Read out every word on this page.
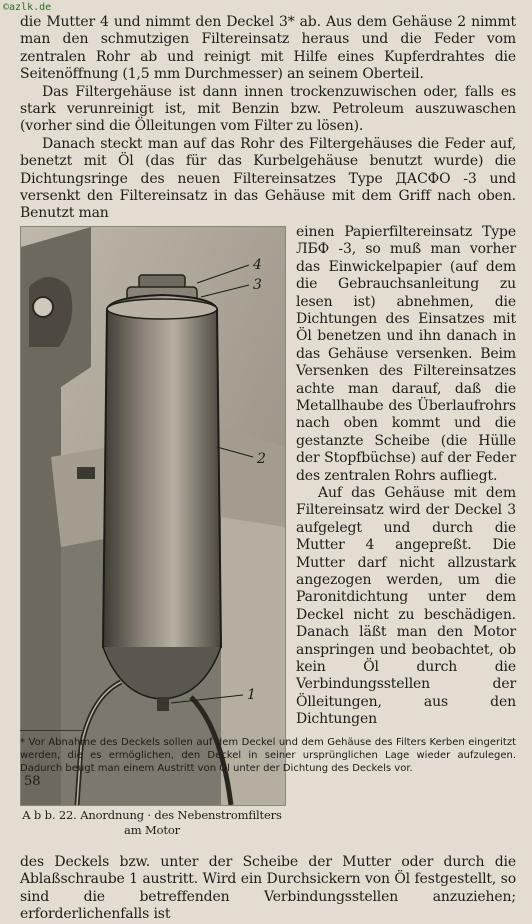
©azlk.de

die Mutter 4 und nimmt den Deckel 3* ab. Aus dem Gehäuse 2 nimmt man den schmutzigen Filtereinsatz heraus und die Feder vom zentralen Rohr ab und reinigt mit Hilfe eines Kupferdrahtes die Seitenöffnung (1,5 mm Durchmesser) an seinem Oberteil.

Das Filtergehäuse ist dann innen trockenzuwischen oder, falls es stark verunreinigt ist, mit Benzin bzw. Petroleum auszuwaschen (vorher sind die Ölleitungen vom Filter zu lösen).

Danach steckt man auf das Rohr des Filtergehäuses die Feder auf, benetzt mit Öl (das für das Kurbelgehäuse benutzt wurde) die Dichtungsringe des neuen Filtereinsatzes Type ДАСФО -3 und versenkt den Filtereinsatz in das Gehäuse mit dem Griff nach oben. Benutzt man

4
3
2
1
A b b. 22. Anordnung · des Nebenstromfilters am Motor

einen Papierfiltereinsatz Type ЛБФ -3, so muß man vorher das Einwickelpapier (auf dem die Gebrauchsanleitung zu lesen ist) abnehmen, die Dichtungen des Einsatzes mit Öl benetzen und ihn danach in das Gehäuse versenken. Beim Versenken des Filtereinsatzes achte man darauf, daß die Metallhaube des Überlaufrohrs nach oben kommt und die gestanzte Scheibe (die Hülle der Stopfbüchse) auf der Feder des zentralen Rohrs aufliegt.

Auf das Gehäuse mit dem Filtereinsatz wird der Deckel 3 aufgelegt und durch die Mutter 4 angepreßt. Die Mutter darf nicht allzustark angezogen werden, um die Paronitdichtung unter dem Deckel nicht zu beschädigen. Danach läßt man den Motor anspringen und beobachtet, ob kein Öl durch die Verbindungsstellen der Ölleitungen, aus den Dichtungen

des Deckels bzw. unter der Scheibe der Mutter oder durch die Ablaßschraube 1 austritt. Wird ein Durchsickern von Öl festgestellt, so sind die betreffenden Verbindungsstellen anzuziehen; erforderlichenfalls ist

* Vor Abnahme des Deckels sollen auf dem Deckel und dem Gehäuse des Filters Kerben eingeritzt werden, die es ermöglichen, den Deckel in seiner ursprünglichen Lage wieder aufzulegen. Dadurch beugt man einem Austritt von Öl unter der Dichtung des Deckels vor.
58
